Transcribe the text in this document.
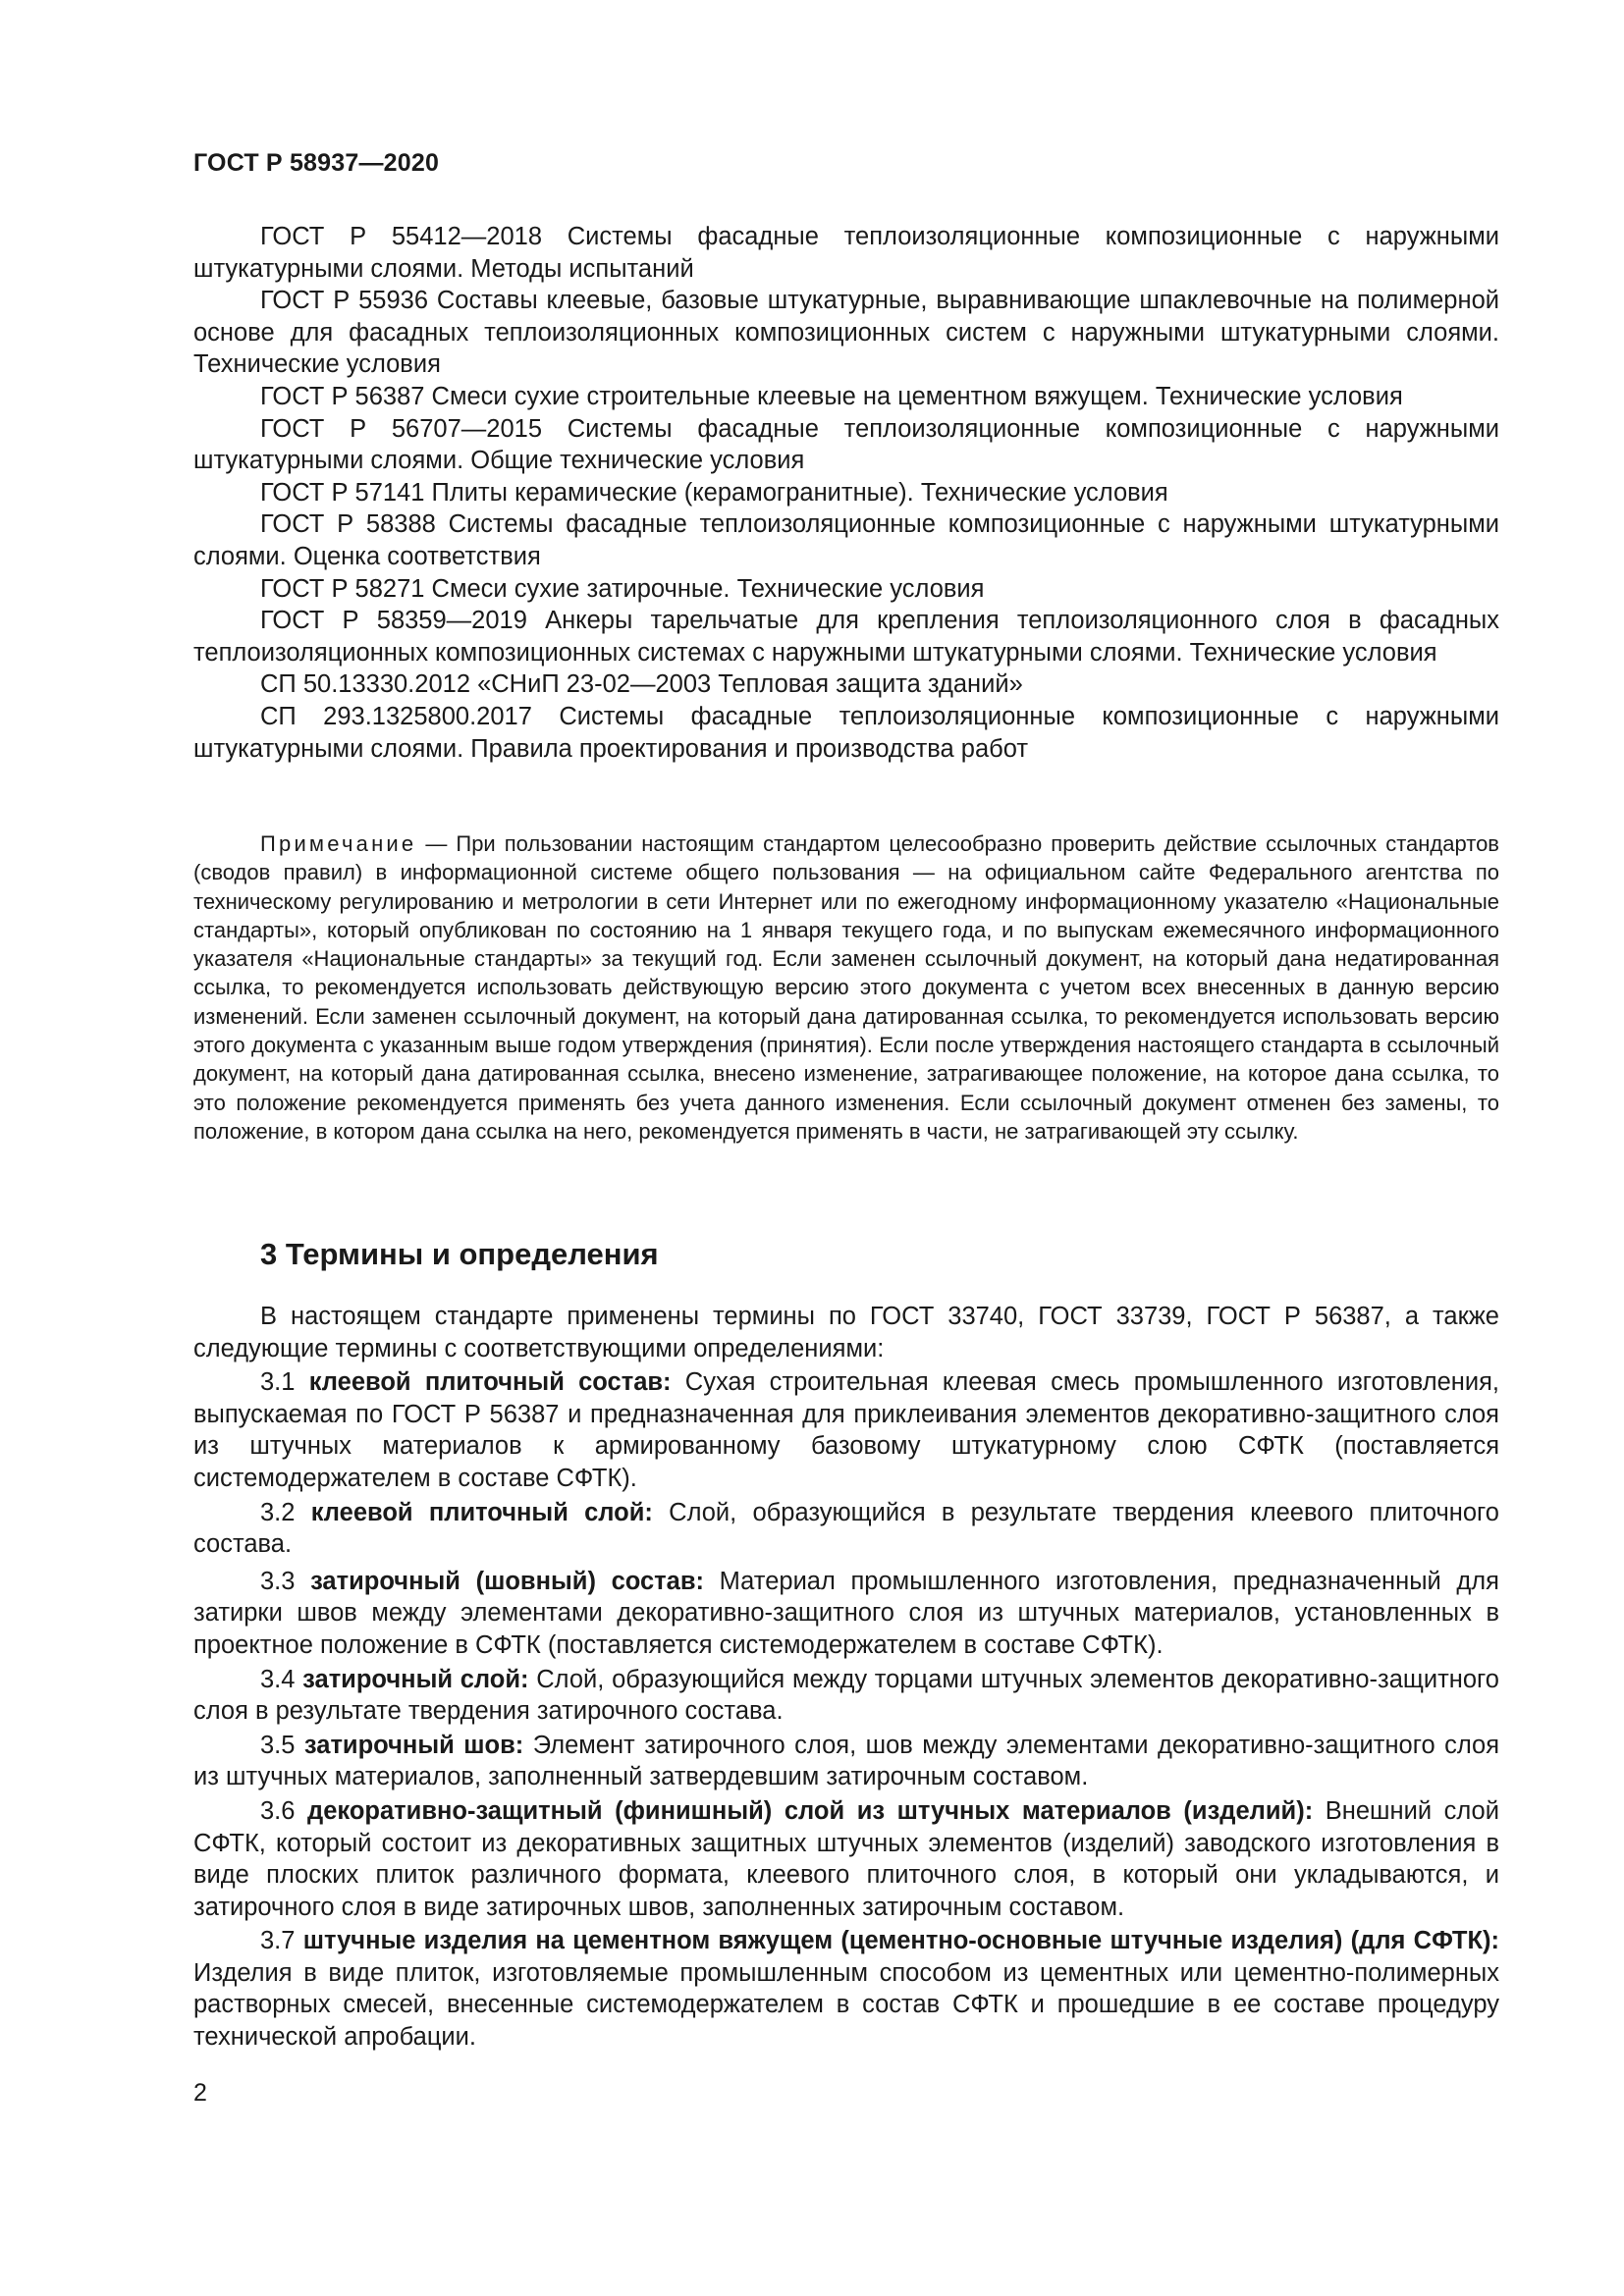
ГОСТ Р 58937—2020

ГОСТ Р 55412—2018 Системы фасадные теплоизоляционные композиционные с наружными штукатурными слоями. Методы испытаний

ГОСТ Р 55936 Составы клеевые, базовые штукатурные, выравнивающие шпаклевочные на полимерной основе для фасадных теплоизоляционных композиционных систем с наружными штукатурными слоями. Технические условия

ГОСТ Р 56387 Смеси сухие строительные клеевые на цементном вяжущем. Технические условия

ГОСТ Р 56707—2015 Системы фасадные теплоизоляционные композиционные с наружными штукатурными слоями. Общие технические условия

ГОСТ Р 57141 Плиты керамические (керамогранитные). Технические условия

ГОСТ Р 58388 Системы фасадные теплоизоляционные композиционные с наружными штукатурными слоями. Оценка соответствия

ГОСТ Р 58271 Смеси сухие затирочные. Технические условия

ГОСТ Р 58359—2019 Анкеры тарельчатые для крепления теплоизоляционного слоя в фасадных теплоизоляционных композиционных системах с наружными штукатурными слоями. Технические условия

СП 50.13330.2012 «СНиП 23-02—2003 Тепловая защита зданий»

СП 293.1325800.2017 Системы фасадные теплоизоляционные композиционные с наружными штукатурными слоями. Правила проектирования и производства работ

Примечание — При пользовании настоящим стандартом целесообразно проверить действие ссылочных стандартов (сводов правил) в информационной системе общего пользования — на официальном сайте Федерального агентства по техническому регулированию и метрологии в сети Интернет или по ежегодному информационному указателю «Национальные стандарты», который опубликован по состоянию на 1 января текущего года, и по выпускам ежемесячного информационного указателя «Национальные стандарты» за текущий год. Если заменен ссылочный документ, на который дана недатированная ссылка, то рекомендуется использовать действующую версию этого документа с учетом всех внесенных в данную версию изменений. Если заменен ссылочный документ, на который дана датированная ссылка, то рекомендуется использовать версию этого документа с указанным выше годом утверждения (принятия). Если после утверждения настоящего стандарта в ссылочный документ, на который дана датированная ссылка, внесено изменение, затрагивающее положение, на которое дана ссылка, то это положение рекомендуется применять без учета данного изменения. Если ссылочный документ отменен без замены, то положение, в котором дана ссылка на него, рекомендуется применять в части, не затрагивающей эту ссылку.

3 Термины и определения

В настоящем стандарте применены термины по ГОСТ 33740, ГОСТ 33739, ГОСТ Р 56387, а также следующие термины с соответствующими определениями:

3.1 клеевой плиточный состав: Сухая строительная клеевая смесь промышленного изготовления, выпускаемая по ГОСТ Р 56387 и предназначенная для приклеивания элементов декоративно-защитного слоя из штучных материалов к армированному базовому штукатурному слою СФТК (поставляется системодержателем в составе СФТК).

3.2 клеевой плиточный слой: Слой, образующийся в результате твердения клеевого плиточного состава.

3.3 затирочный (шовный) состав: Материал промышленного изготовления, предназначенный для затирки швов между элементами декоративно-защитного слоя из штучных материалов, установленных в проектное положение в СФТК (поставляется системодержателем в составе СФТК).

3.4 затирочный слой: Слой, образующийся между торцами штучных элементов декоративно-защитного слоя в результате твердения затирочного состава.

3.5 затирочный шов: Элемент затирочного слоя, шов между элементами декоративно-защитного слоя из штучных материалов, заполненный затвердевшим затирочным составом.

3.6 декоративно-защитный (финишный) слой из штучных материалов (изделий): Внешний слой СФТК, который состоит из декоративных защитных штучных элементов (изделий) заводского изготовления в виде плоских плиток различного формата, клеевого плиточного слоя, в который они укладываются, и затирочного слоя в виде затирочных швов, заполненных затирочным составом.

3.7 штучные изделия на цементном вяжущем (цементно-основные штучные изделия) (для СФТК): Изделия в виде плиток, изготовляемые промышленным способом из цементных или цементно-полимерных растворных смесей, внесенные системодержателем в состав СФТК и прошедшие в ее составе процедуру технической апробации.

2
